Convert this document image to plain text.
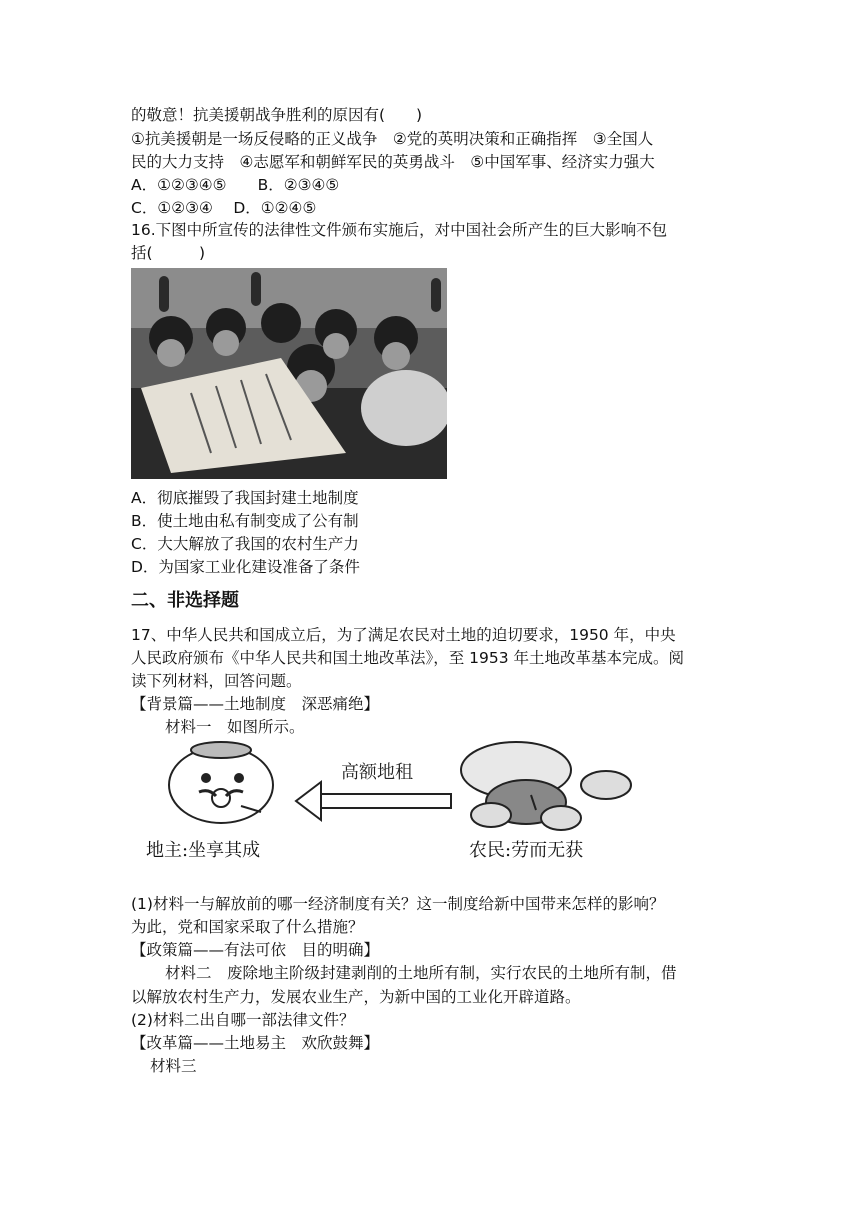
的敬意！抗美援朝战争胜利的原因有(　　)
①抗美援朝是一场反侵略的正义战争　②党的英明决策和正确指挥　③全国人
民的大力支持　④志愿军和朝鲜军民的英勇战斗　⑤中国军事、经济实力强大
A．①②③④⑤　　B．②③④⑤
C．①②③④　 D．①②④⑤
16.下图中所宣传的法律性文件颁布实施后，对中国社会所产生的巨大影响不包
括(　　　)
A．彻底摧毁了我国封建土地制度
B．使土地由私有制变成了公有制
C．大大解放了我国的农村生产力
D．为国家工业化建设准备了条件
二、非选择题
17、中华人民共和国成立后，为了满足农民对土地的迫切要求，1950 年，中央
人民政府颁布《中华人民共和国土地改革法》，至 1953 年土地改革基本完成。阅
读下列材料，回答问题。
【背景篇——土地制度　深恶痛绝】
材料一　如图所示。
高额地租
地主:坐享其成	农民:劳而无获
(1)材料一与解放前的哪一经济制度有关？这一制度给新中国带来怎样的影响？
为此，党和国家采取了什么措施？
【政策篇——有法可依　目的明确】
材料二　废除地主阶级封建剥削的土地所有制，实行农民的土地所有制，借
以解放农村生产力，发展农业生产，为新中国的工业化开辟道路。
(2)材料二出自哪一部法律文件？
【改革篇——土地易主　欢欣鼓舞】
材料三
